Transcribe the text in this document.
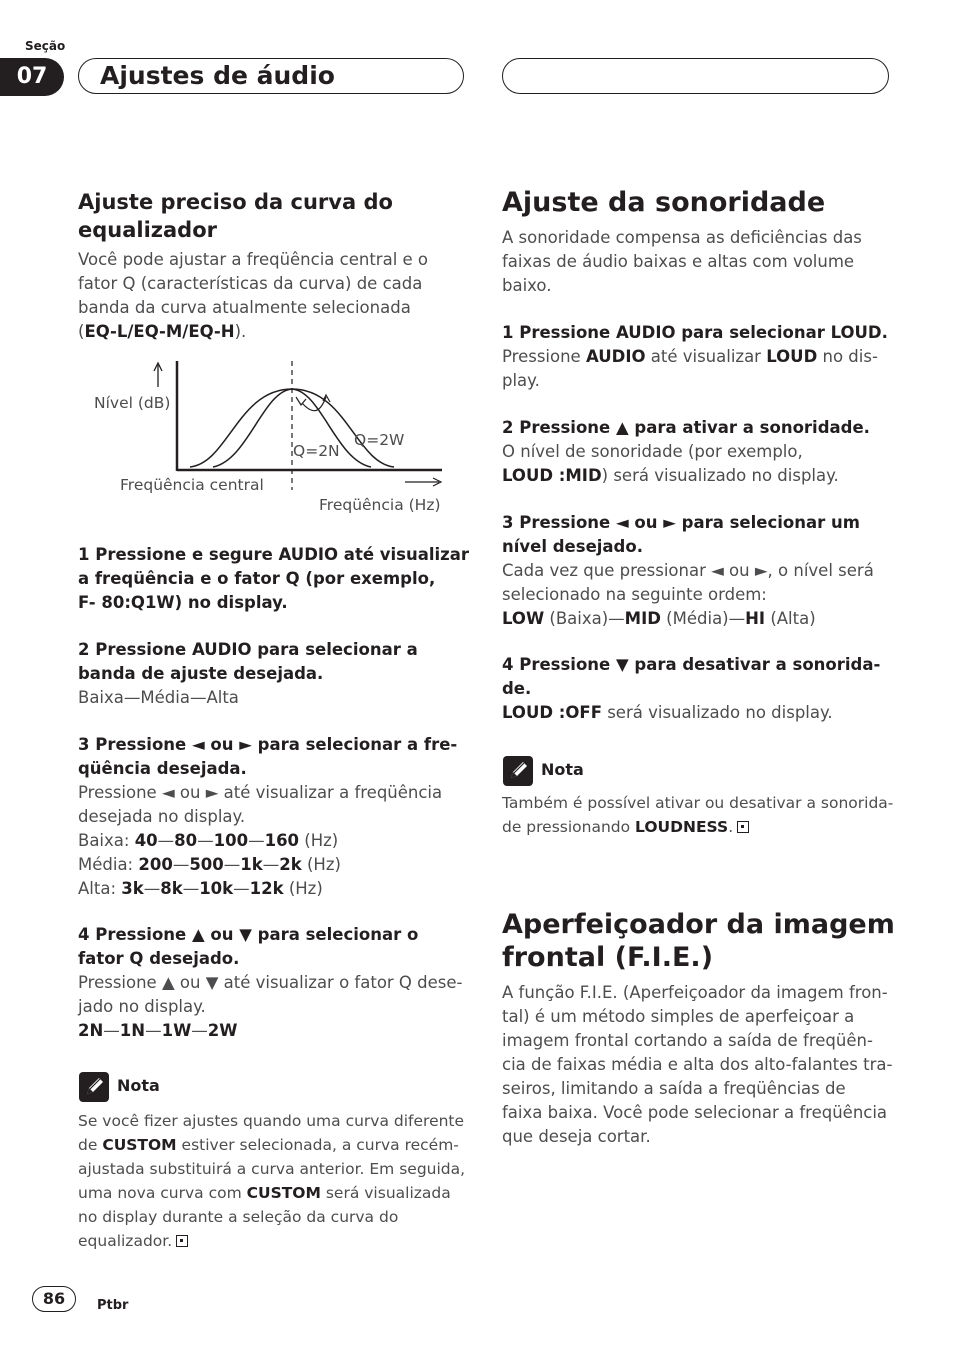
Seção
07	Ajustes de áudio
Ajuste preciso da curva do
equalizador
Você pode ajustar a freqüência central e o
fator Q (características da curva) de cada
banda da curva atualmente selecionada
(EQ-L/EQ-M/EQ-H).
Nível (dB)
Q=2N
Q=2W
Freqüência central
Freqüência (Hz)
1 Pressione e segure AUDIO até visualizar
a freqüência e o fator Q (por exemplo,
F- 80:Q1W) no display.
2 Pressione AUDIO para selecionar a
banda de ajuste desejada.
Baixa—Média—Alta
3 Pressione ◄ ou ► para selecionar a fre-
qüência desejada.
Pressione ◄ ou ► até visualizar a freqüência
desejada no display.
Baixa: 40—80—100—160 (Hz)
Média: 200—500—1k—2k (Hz)
Alta: 3k—8k—10k—12k (Hz)
4 Pressione ▲ ou ▼ para selecionar o
fator Q desejado.
Pressione ▲ ou ▼ até visualizar o fator Q dese-
jado no display.
2N—1N—1W—2W
Nota
Se você fizer ajustes quando uma curva diferente
de CUSTOM estiver selecionada, a curva recém-
ajustada substituirá a curva anterior. Em seguida,
uma nova curva com CUSTOM será visualizada
no display durante a seleção da curva do
equalizador.
Ajuste da sonoridade
A sonoridade compensa as deficiências das
faixas de áudio baixas e altas com volume
baixo.
1 Pressione AUDIO para selecionar LOUD.
Pressione AUDIO até visualizar LOUD no dis-
play.
2 Pressione ▲ para ativar a sonoridade.
O nível de sonoridade (por exemplo,
LOUD :MID) será visualizado no display.
3 Pressione ◄ ou ► para selecionar um
nível desejado.
Cada vez que pressionar ◄ ou ►, o nível será
selecionado na seguinte ordem:
LOW (Baixa)—MID (Média)—HI (Alta)
4 Pressione ▼ para desativar a sonorida-
de.
LOUD :OFF será visualizado no display.
Nota
Também é possível ativar ou desativar a sonorida-
de pressionando LOUDNESS.
Aperfeiçoador da imagem
frontal (F.I.E.)
A função F.I.E. (Aperfeiçoador da imagem fron-
tal) é um método simples de aperfeiçoar a
imagem frontal cortando a saída de freqüên-
cia de faixas média e alta dos alto-falantes tra-
seiros, limitando a saída a freqüências de
faixa baixa. Você pode selecionar a freqüência
que deseja cortar.
86	Ptbr
